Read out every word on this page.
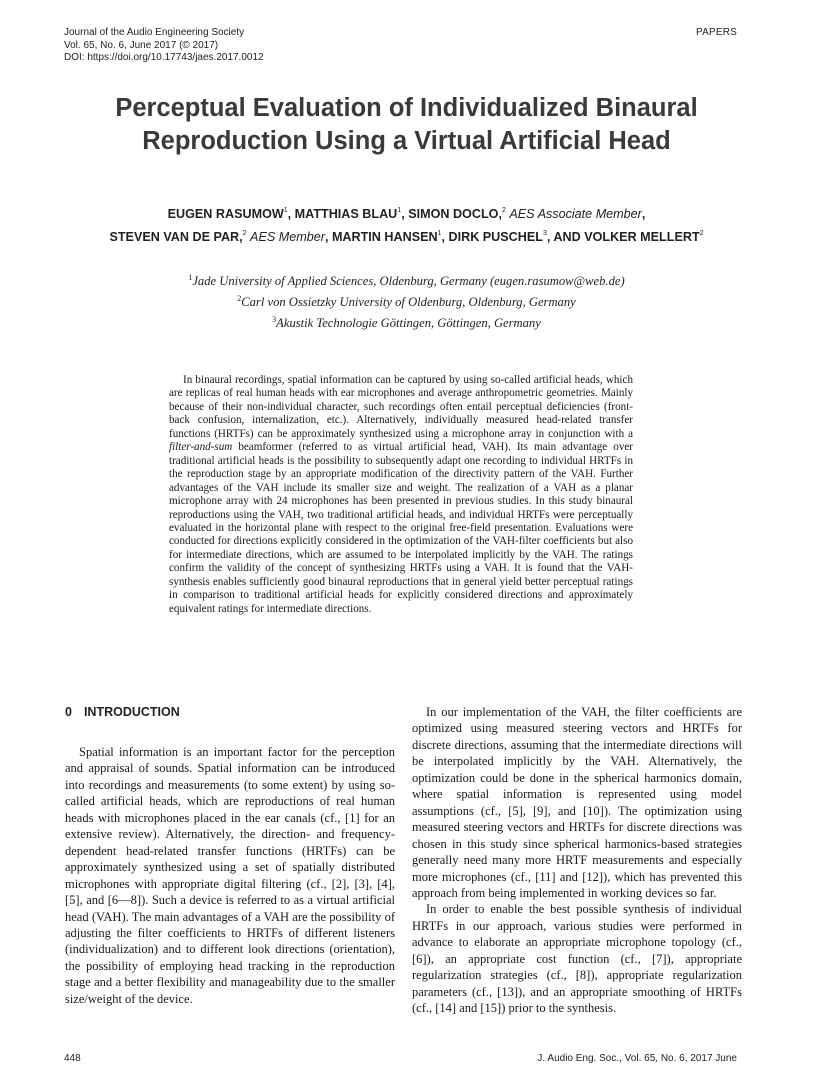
Journal of the Audio Engineering Society
Vol. 65, No. 6, June 2017 (© 2017)
DOI: https://doi.org/10.17743/jaes.2017.0012
PAPERS
Perceptual Evaluation of Individualized Binaural
Reproduction Using a Virtual Artificial Head
EUGEN RASUMOW$^1$, MATTHIAS BLAU$^1$, SIMON DOCLO,$^2$ AES Associate Member,
STEVEN VAN DE PAR,$^2$ AES Member, MARTIN HANSEN$^1$, DIRK PUSCHEL$^3$, AND VOLKER MELLERT$^2$
$^1$Jade University of Applied Sciences, Oldenburg, Germany (eugen.rasumow@web.de)
$^2$Carl von Ossietzky University of Oldenburg, Oldenburg, Germany
$^3$Akustik Technologie Göttingen, Göttingen, Germany
In binaural recordings, spatial information can be captured by using so-called artificial heads, which are replicas of real human heads with ear microphones and average anthropometric geometries. Mainly because of their non-individual character, such recordings often entail perceptual deficiencies (front-back confusion, internalization, etc.). Alternatively, individually measured head-related transfer functions (HRTFs) can be approximately synthesized using a microphone array in conjunction with a filter-and-sum beamformer (referred to as virtual artificial head, VAH). Its main advantage over traditional artificial heads is the possibility to subsequently adapt one recording to individual HRTFs in the reproduction stage by an appropriate modification of the directivity pattern of the VAH. Further advantages of the VAH include its smaller size and weight. The realization of a VAH as a planar microphone array with 24 microphones has been presented in previous studies. In this study binaural reproductions using the VAH, two traditional artificial heads, and individual HRTFs were perceptually evaluated in the horizontal plane with respect to the original free-field presentation. Evaluations were conducted for directions explicitly considered in the optimization of the VAH-filter coefficients but also for intermediate directions, which are assumed to be interpolated implicitly by the VAH. The ratings confirm the validity of the concept of synthesizing HRTFs using a VAH. It is found that the VAH-synthesis enables sufficiently good binaural reproductions that in general yield better perceptual ratings in comparison to traditional artificial heads for explicitly considered directions and approximately equivalent ratings for intermediate directions.
0 INTRODUCTION

Spatial information is an important factor for the perception and appraisal of sounds. Spatial information can be introduced into recordings and measurements (to some extent) by using so-called artificial heads, which are reproductions of real human heads with microphones placed in the ear canals (cf., [1] for an extensive review). Alternatively, the direction- and frequency-dependent head-related transfer functions (HRTFs) can be approximately synthesized using a set of spatially distributed microphones with appropriate digital filtering (cf., [2], [3], [4], [5], and [6—8]). Such a device is referred to as a virtual artificial head (VAH). The main advantages of a VAH are the possibility of adjusting the filter coefficients to HRTFs of different listeners (individualization) and to different look directions (orientation), the possibility of employing head tracking in the reproduction stage and a better flexibility and manageability due to the smaller size/weight of the device.

In our implementation of the VAH, the filter coefficients are optimized using measured steering vectors and HRTFs for discrete directions, assuming that the intermediate directions will be interpolated implicitly by the VAH. Alternatively, the optimization could be done in the spherical harmonics domain, where spatial information is represented using model assumptions (cf., [5], [9], and [10]). The optimization using measured steering vectors and HRTFs for discrete directions was chosen in this study since spherical harmonics-based strategies generally need many more HRTF measurements and especially more microphones (cf., [11] and [12]), which has prevented this approach from being implemented in working devices so far.

In order to enable the best possible synthesis of individual HRTFs in our approach, various studies were performed in advance to elaborate an appropriate microphone topology (cf., [6]), an appropriate cost function (cf., [7]), appropriate regularization strategies (cf., [8]), appropriate regularization parameters (cf., [13]), and an appropriate smoothing of HRTFs (cf., [14] and [15]) prior to the synthesis.

448	J. Audio Eng. Soc., Vol. 65, No. 6, 2017 June
